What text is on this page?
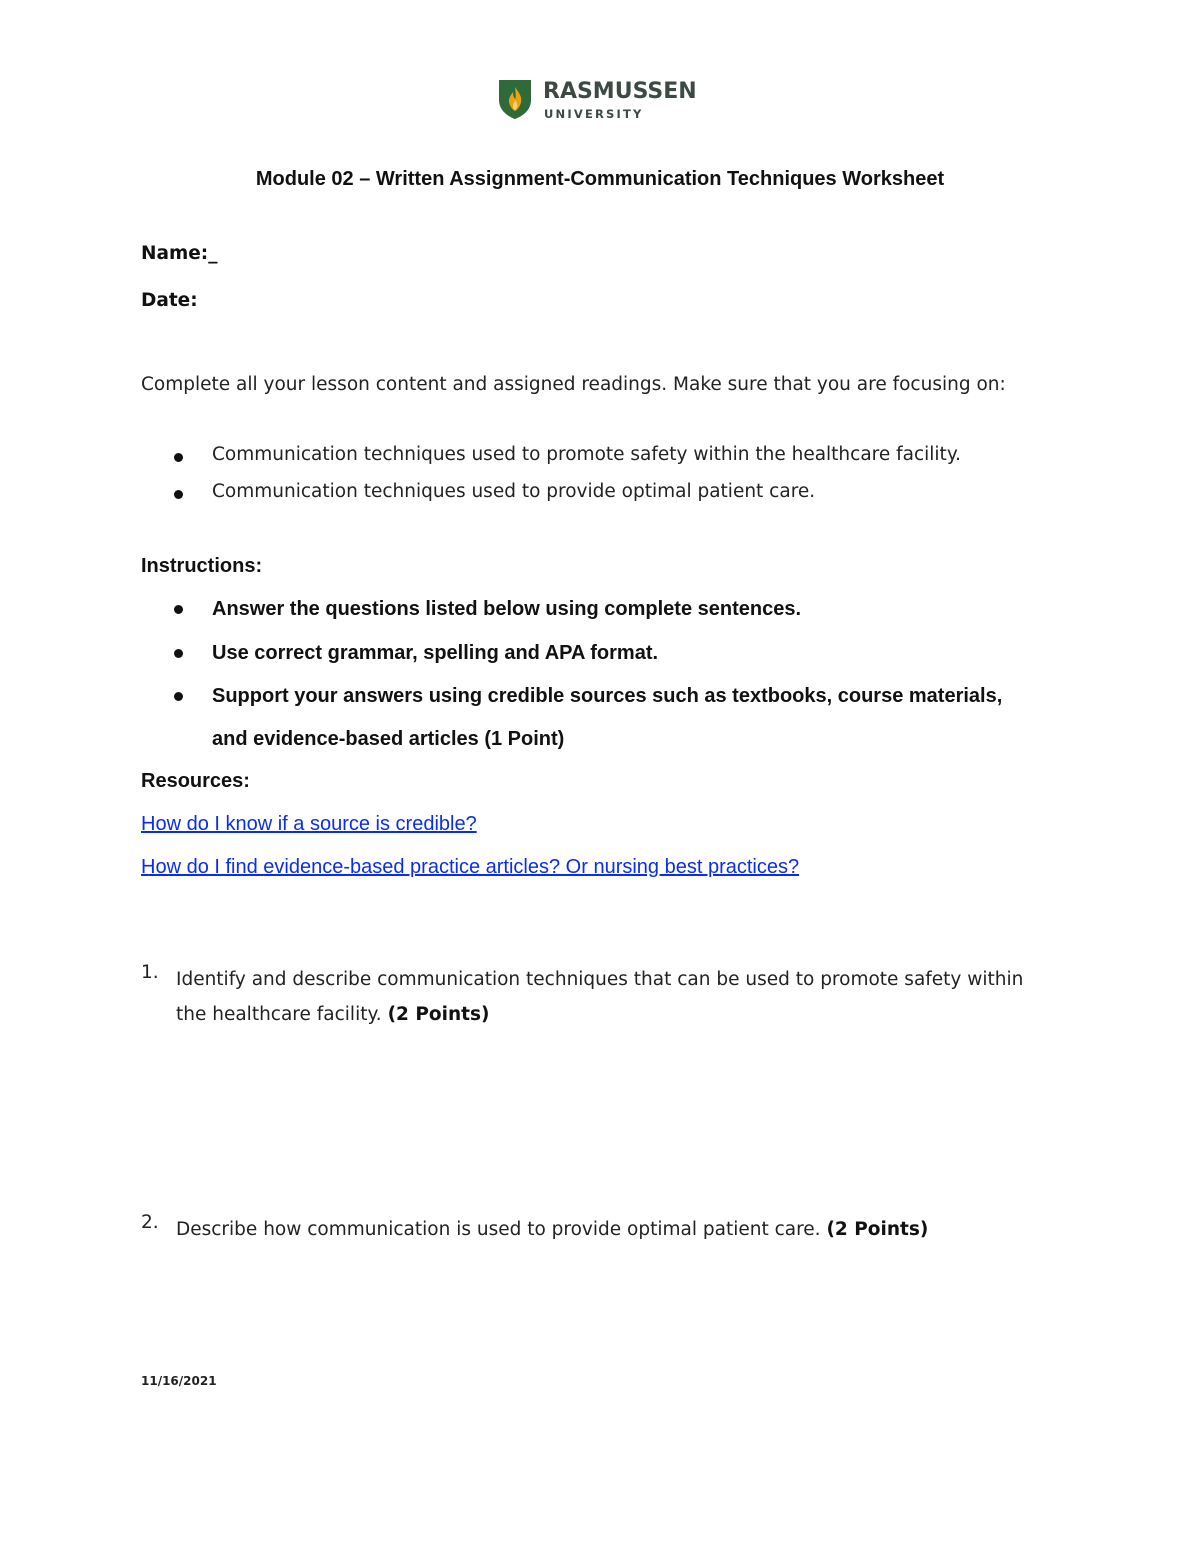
RASMUSSEN
UNIVERSITY
Module 02 – Written Assignment-Communication Techniques Worksheet
Name:_
Date:
Complete all your lesson content and assigned readings. Make sure that you are focusing on:
Communication techniques used to promote safety within the healthcare facility.
Communication techniques used to provide optimal patient care.
Instructions:
Answer the questions listed below using complete sentences.
Use correct grammar, spelling and APA format.
Support your answers using credible sources such as textbooks, course materials, and evidence-based articles (1 Point)
Resources:
How do I know if a source is credible?
How do I find evidence-based practice articles? Or nursing best practices?
1. Identify and describe communication techniques that can be used to promote safety within the healthcare facility. (2 Points)
2. Describe how communication is used to provide optimal patient care. (2 Points)
11/16/2021
